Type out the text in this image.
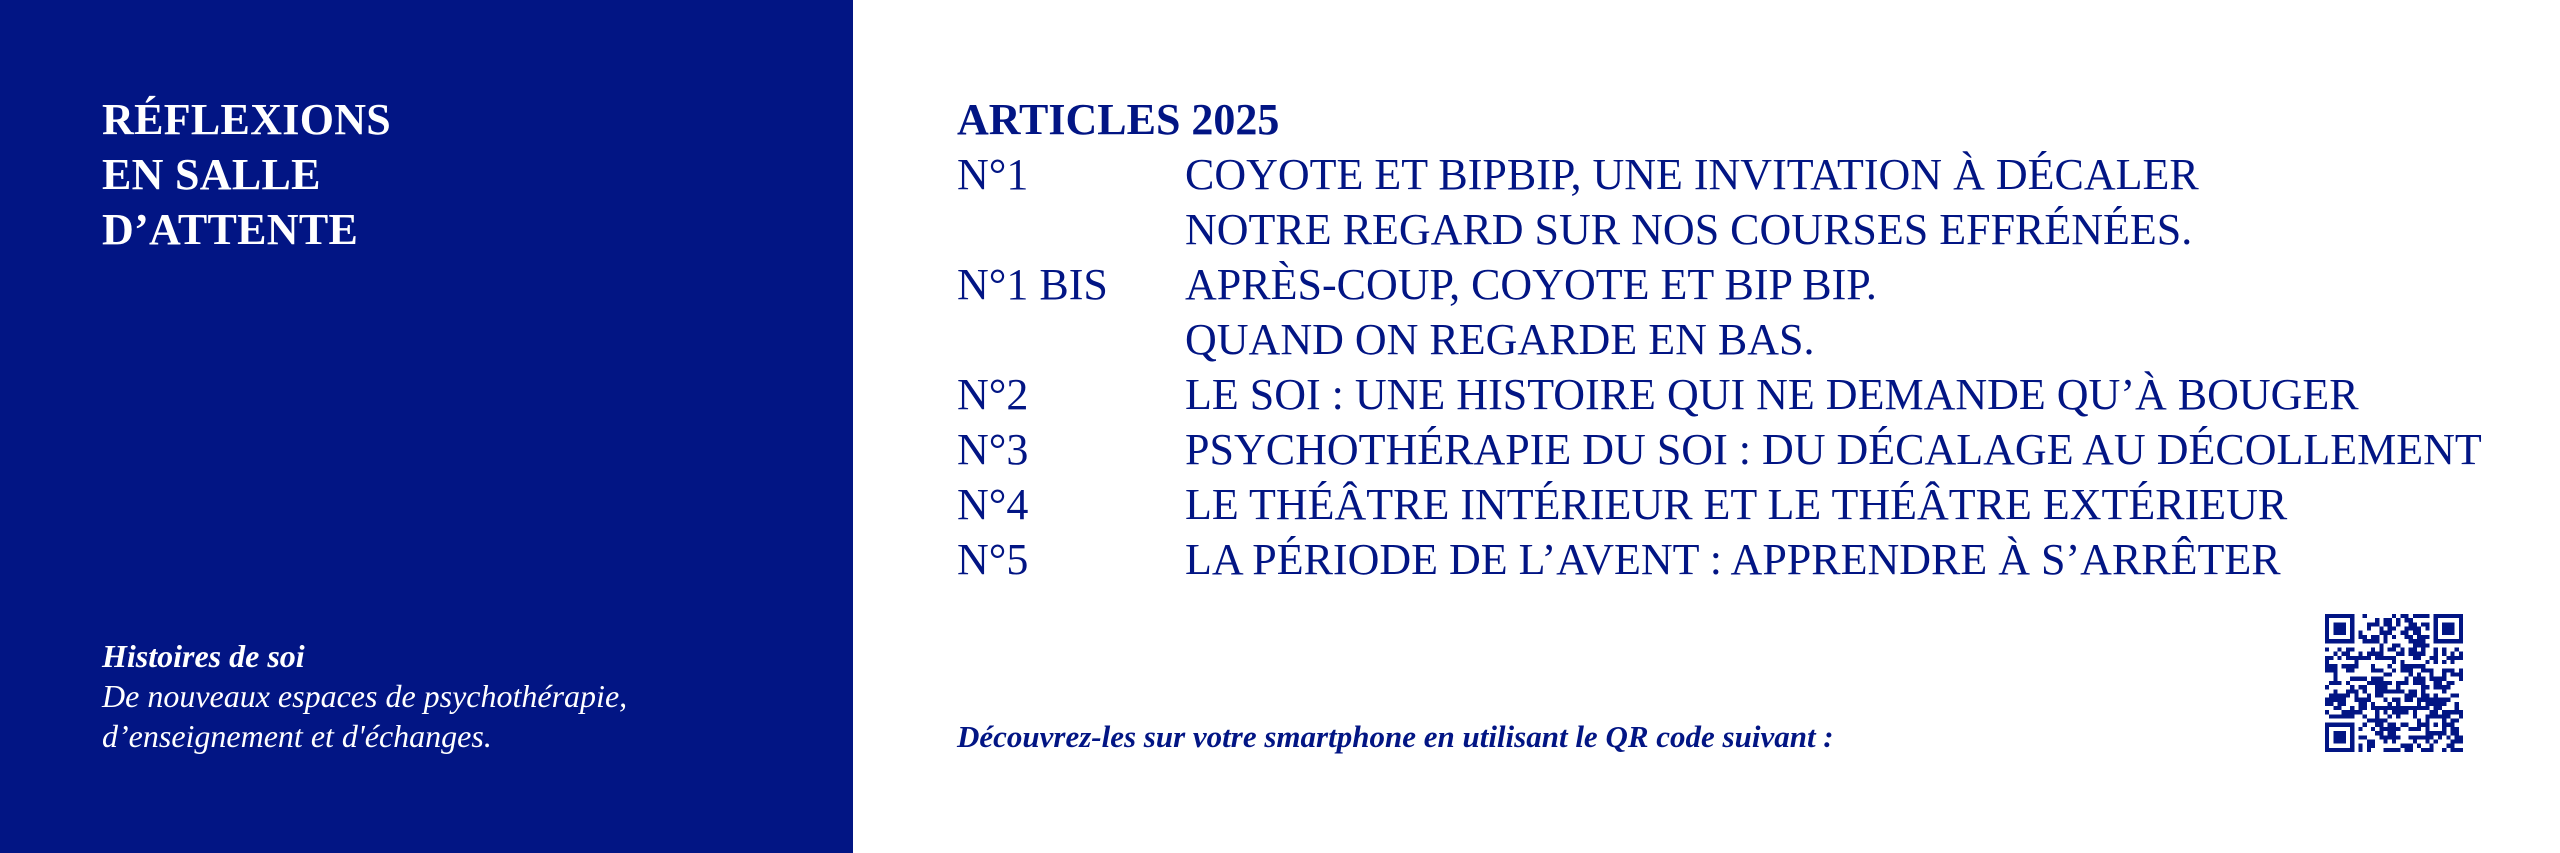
RÉFLEXIONS
EN SALLE
D’ATTENTE
Histoires de soi
De nouveaux espaces de psychothérapie,
d’enseignement et d'échanges.
ARTICLES 2025
N°1	COYOTE ET BIPBIP, UNE INVITATION À DÉCALER
NOTRE REGARD SUR NOS COURSES EFFRÉNÉES.
N°1 BIS	APRÈS-COUP, COYOTE ET BIP BIP.
QUAND ON REGARDE EN BAS.
N°2	LE SOI : UNE HISTOIRE QUI NE DEMANDE QU’À BOUGER
N°3	PSYCHOTHÉRAPIE DU SOI : DU DÉCALAGE AU DÉCOLLEMENT
N°4	LE THÉÂTRE INTÉRIEUR ET LE THÉÂTRE EXTÉRIEUR
N°5	LA PÉRIODE DE L’AVENT : APPRENDRE À S’ARRÊTER
Découvrez-les sur votre smartphone en utilisant le QR code suivant :
